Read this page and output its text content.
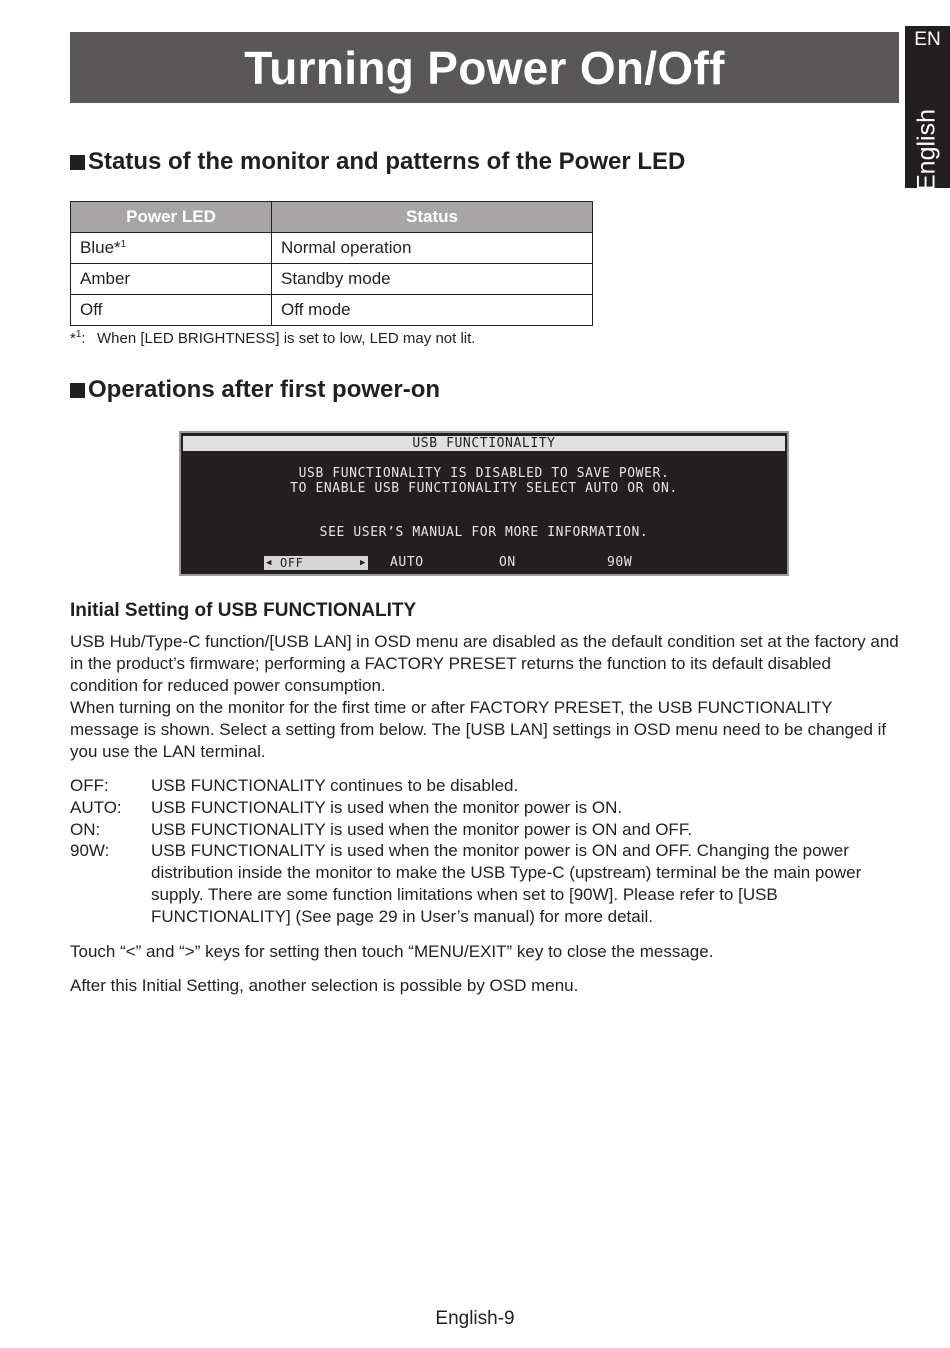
Turning Power On/Off
EN
English
Status of the monitor and patterns of the Power LED
Power LED	Status
Blue*$^1$	Normal operation
Amber	Standby mode
Off	Off mode
*$^1$: When [LED BRIGHTNESS] is set to low, LED may not lit.
Operations after first power-on
USB FUNCTIONALITY
USB FUNCTIONALITY IS DISABLED TO SAVE POWER.
TO ENABLE USB FUNCTIONALITY SELECT AUTO OR ON.
SEE USER’S MANUAL FOR MORE INFORMATION.
◀ OFF	▶ AUTO	ON	90W
Initial Setting of USB FUNCTIONALITY
USB Hub/Type-C function/[USB LAN] in OSD menu are disabled as the default condition set at the factory and in the product’s firmware; performing a FACTORY PRESET returns the function to its default disabled condition for reduced power consumption.
When turning on the monitor for the first time or after FACTORY PRESET, the USB FUNCTIONALITY message is shown. Select a setting from below. The [USB LAN] settings in OSD menu need to be changed if you use the LAN terminal.
OFF: USB FUNCTIONALITY continues to be disabled.
AUTO: USB FUNCTIONALITY is used when the monitor power is ON.
ON:	USB FUNCTIONALITY is used when the monitor power is ON and OFF.
90W: USB FUNCTIONALITY is used when the monitor power is ON and OFF. Changing the power distribution inside the monitor to make the USB Type-C (upstream) terminal be the main power supply. There are some function limitations when set to [90W]. Please refer to [USB FUNCTIONALITY] (See page 29 in User’s manual) for more detail.
Touch “<” and “>” keys for setting then touch “MENU/EXIT” key to close the message.
After this Initial Setting, another selection is possible by OSD menu.
English-9
